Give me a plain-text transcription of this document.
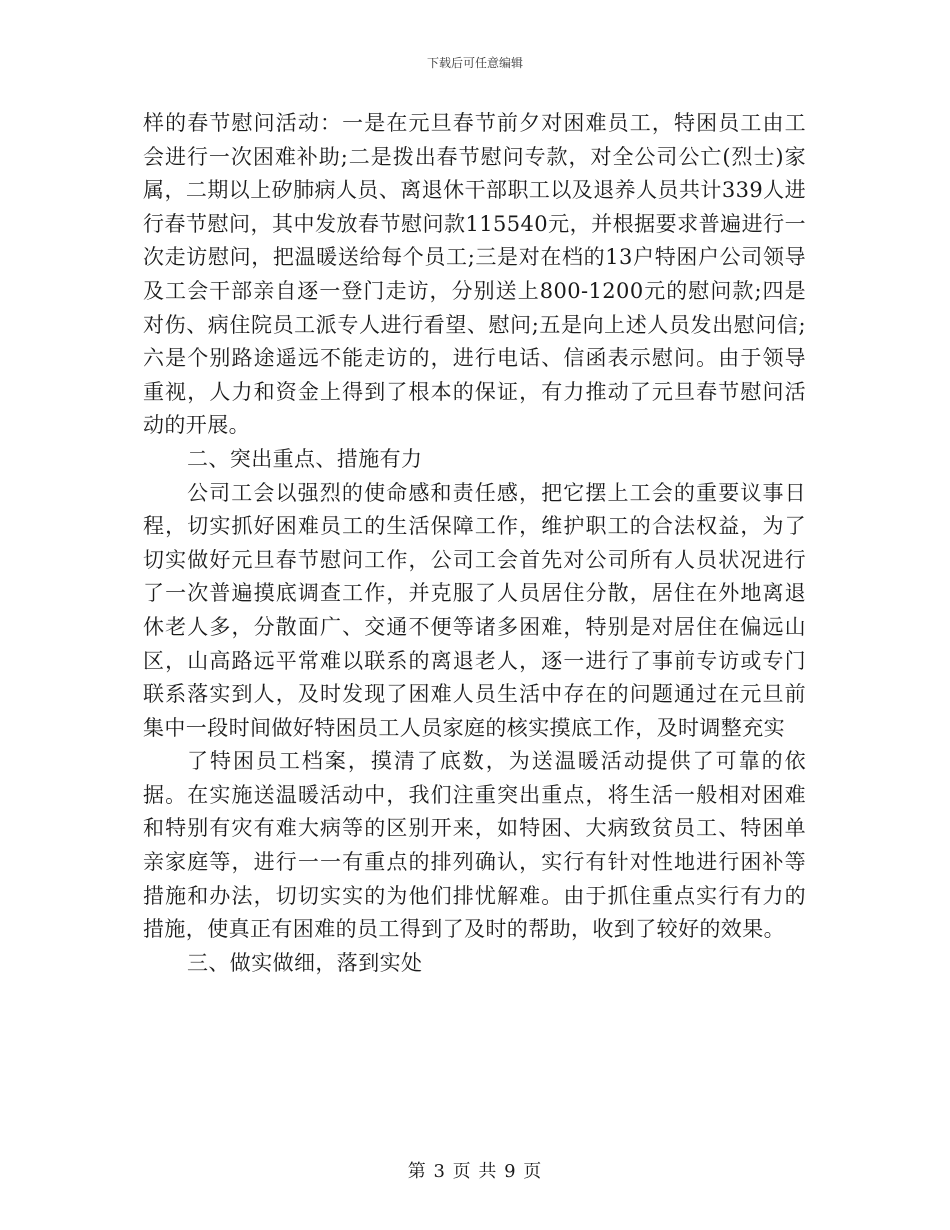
下载后可任意编辑

样的春节慰问活动：一是在元旦春节前夕对困难员工，特困员工由工会进行一次困难补助;二是拨出春节慰问专款，对全公司公亡(烈士)家属，二期以上矽肺病人员、离退休干部职工以及退养人员共计339人进行春节慰问，其中发放春节慰问款115540元，并根据要求普遍进行一次走访慰问，把温暖送给每个员工;三是对在档的13户特困户公司领导及工会干部亲自逐一登门走访，分别送上800-1200元的慰问款;四是对伤、病住院员工派专人进行看望、慰问;五是向上述人员发出慰问信;六是个别路途遥远不能走访的，进行电话、信函表示慰问。由于领导重视，人力和资金上得到了根本的保证，有力推动了元旦春节慰问活动的开展。

二、突出重点、措施有力

公司工会以强烈的使命感和责任感，把它摆上工会的重要议事日程，切实抓好困难员工的生活保障工作，维护职工的合法权益，为了切实做好元旦春节慰问工作，公司工会首先对公司所有人员状况进行了一次普遍摸底调查工作，并克服了人员居住分散，居住在外地离退休老人多，分散面广、交通不便等诸多困难，特别是对居住在偏远山区，山高路远平常难以联系的离退老人，逐一进行了事前专访或专门联系落实到人，及时发现了困难人员生活中存在的问题通过在元旦前集中一段时间做好特困员工人员家庭的核实摸底工作，及时调整充实

了特困员工档案，摸清了底数，为送温暖活动提供了可靠的依据。在实施送温暖活动中，我们注重突出重点，将生活一般相对困难和特别有灾有难大病等的区别开来，如特困、大病致贫员工、特困单亲家庭等，进行一一有重点的排列确认，实行有针对性地进行困补等措施和办法，切切实实的为他们排忧解难。由于抓住重点实行有力的措施，使真正有困难的员工得到了及时的帮助，收到了较好的效果。

三、做实做细，落到实处

第 3 页 共 9 页
